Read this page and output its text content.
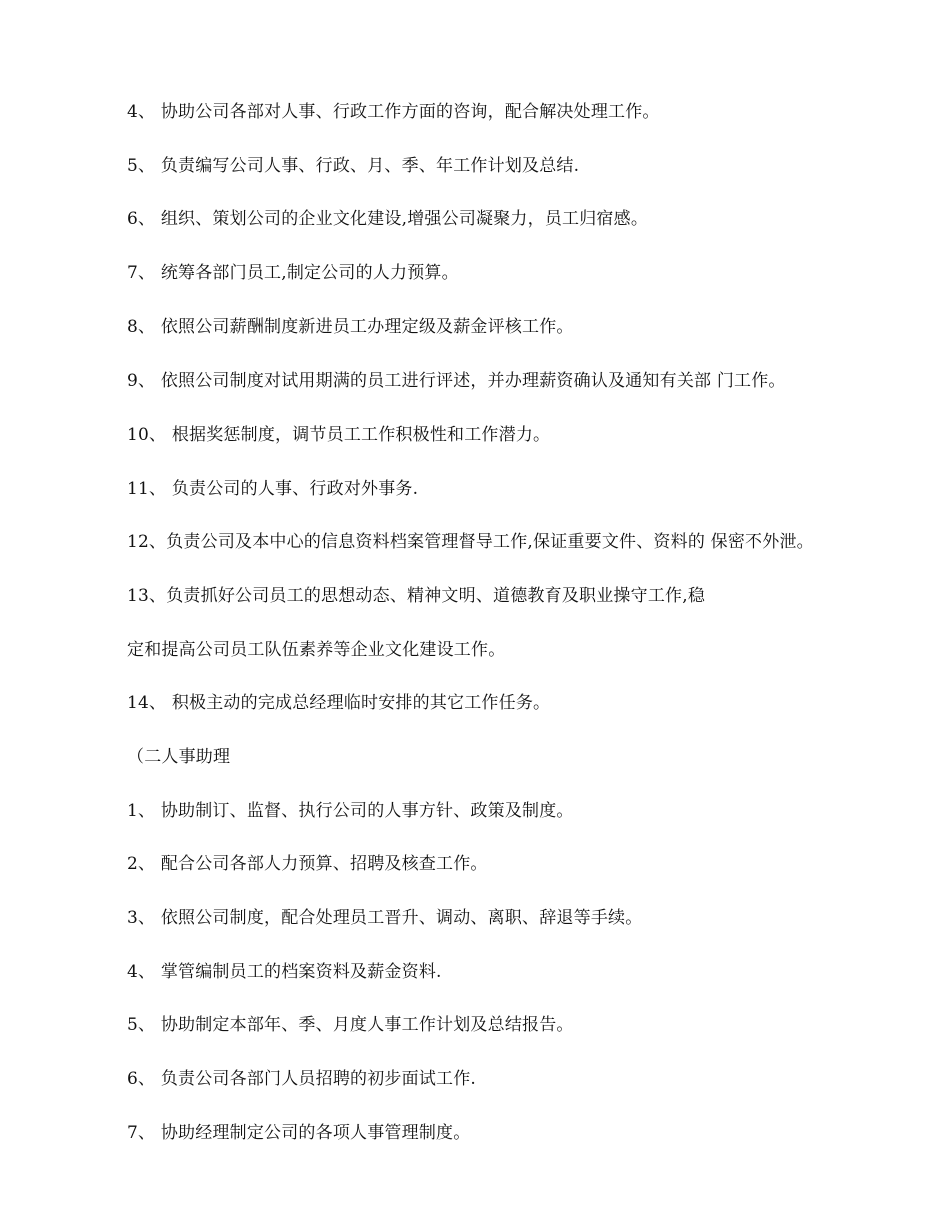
4、 协助公司各部对人事、行政工作方面的咨询，配合解决处理工作。
5、 负责编写公司人事、行政、月、季、年工作计划及总结.
6、 组织、策划公司的企业文化建设,增强公司凝聚力，员工归宿感。
7、 统筹各部门员工,制定公司的人力预算。
8、 依照公司薪酬制度新进员工办理定级及薪金评核工作。
9、 依照公司制度对试用期满的员工进行评述，并办理薪资确认及通知有关部 门工作。
10、 根据奖惩制度，调节员工工作积极性和工作潜力。
11、 负责公司的人事、行政对外事务.
12、负责公司及本中心的信息资料档案管理督导工作,保证重要文件、资料的 保密不外泄。
13、负责抓好公司员工的思想动态、精神文明、道德教育及职业操守工作,稳
定和提高公司员工队伍素养等企业文化建设工作。
14、 积极主动的完成总经理临时安排的其它工作任务。
（二人事助理
1、 协助制订、监督、执行公司的人事方针、政策及制度。
2、 配合公司各部人力预算、招聘及核查工作。
3、 依照公司制度，配合处理员工晋升、调动、离职、辞退等手续。
4、 掌管编制员工的档案资料及薪金资料.
5、 协助制定本部年、季、月度人事工作计划及总结报告。
6、 负责公司各部门人员招聘的初步面试工作.
7、 协助经理制定公司的各项人事管理制度。
